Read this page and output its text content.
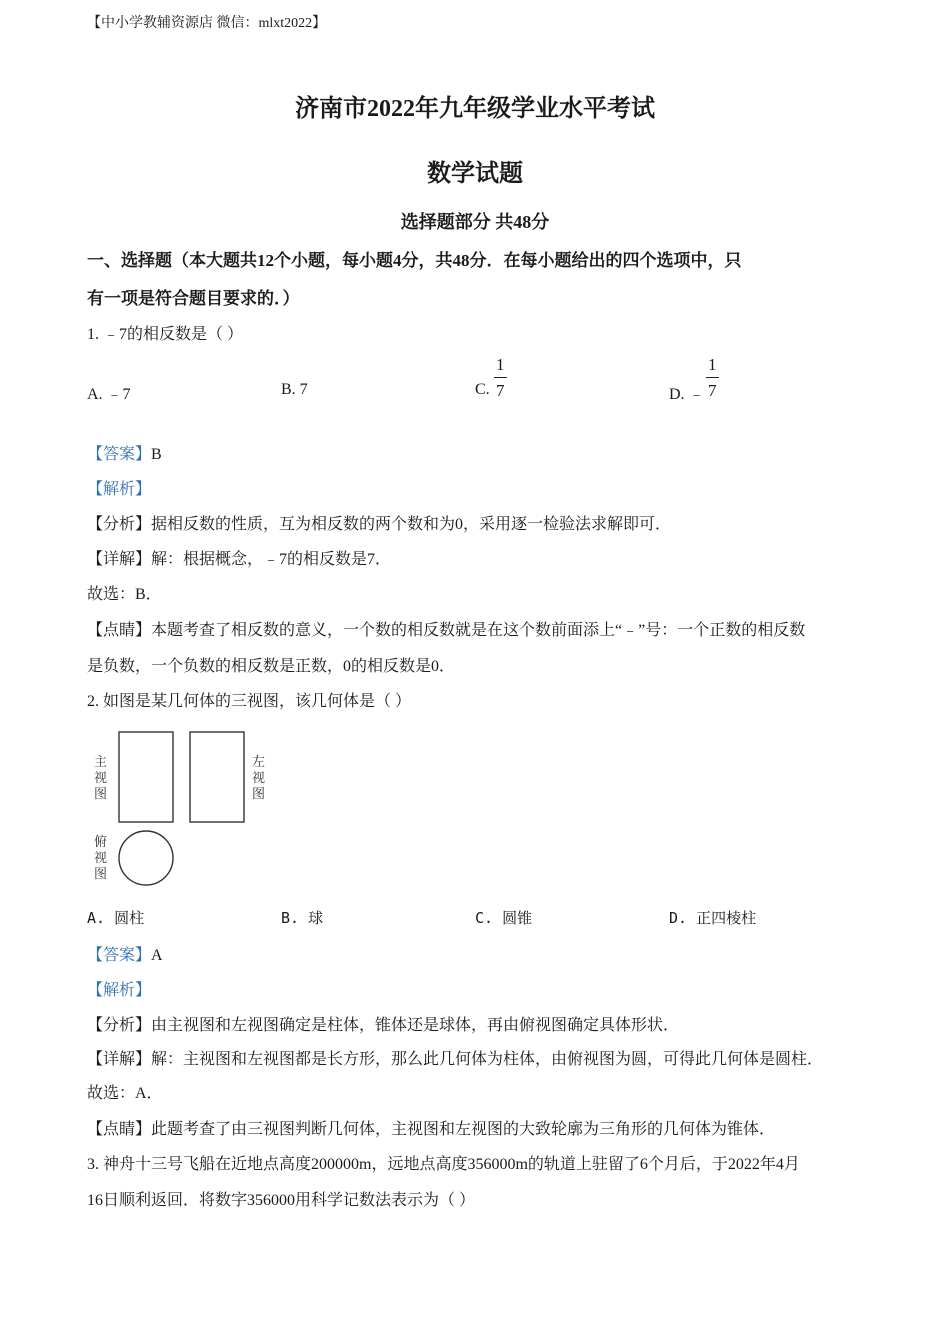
【中小学教辅资源店 微信：mlxt2022】
济南市2022年九年级学业水平考试
数学试题
选择题部分 共48分
一、选择题（本大题共12个小题，每小题4分，共48分．在每小题给出的四个选项中，只
有一项是符合题目要求的．）
1. ﹣7的相反数是（ ）
A. ﹣7	B. 7	C. $\frac{1}{7}$	D. ﹣ $\frac{1}{7}$
【答案】B
【解析】
【分析】据相反数的性质，互为相反数的两个数和为0，采用逐一检验法求解即可．
【详解】解：根据概念，﹣7的相反数是7．
故选：B．
【点睛】本题考查了相反数的意义，一个数的相反数就是在这个数前面添上“﹣”号：一个正数的相反数
是负数，一个负数的相反数是正数，0的相反数是0．
2. 如图是某几何体的三视图，该几何体是（ ）
主
视
图
左
视
图
俯
视
图
A. 圆柱	B. 球	C. 圆锥	D. 正四棱柱
【答案】A
【解析】
【分析】由主视图和左视图确定是柱体，锥体还是球体，再由俯视图确定具体形状．
【详解】解：主视图和左视图都是长方形，那么此几何体为柱体，由俯视图为圆，可得此几何体是圆柱．
故选：A．
【点睛】此题考查了由三视图判断几何体，主视图和左视图的大致轮廓为三角形的几何体为锥体．
3. 神舟十三号飞船在近地点高度200000m，远地点高度356000m的轨道上驻留了6个月后，于2022年4月
16日顺利返回．将数字356000用科学记数法表示为（ ）
